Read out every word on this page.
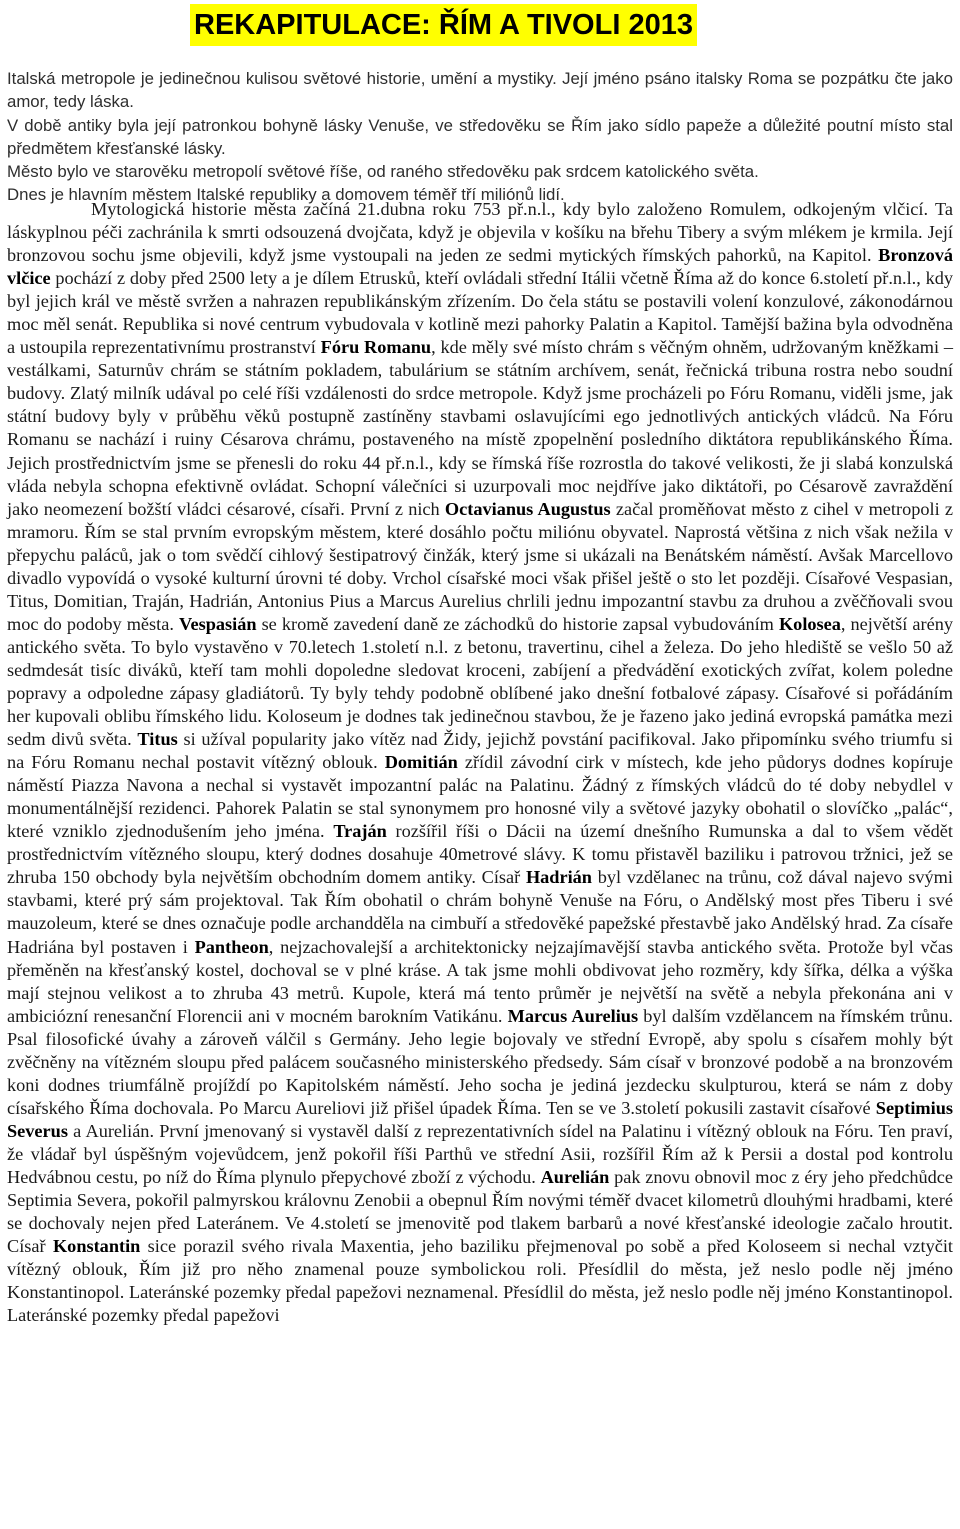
REKAPITULACE: ŘÍM A TIVOLI 2013
Italská metropole je jedinečnou kulisou světové historie, umění a mystiky. Její jméno psáno italsky Roma se pozpátku čte jako amor, tedy láska.
V době antiky byla její patronkou bohyně lásky Venuše, ve středověku se Řím jako sídlo papeže a důležité poutní místo stal předmětem křesťanské lásky.
Město bylo ve starověku metropolí světové říše, od raného středověku pak srdcem katolického světa.
Dnes je hlavním městem Italské republiky a domovem téměř tří miliónů lidí.

Mytologická historie města začíná 21.dubna roku 753 př.n.l., kdy bylo založeno Romulem, odkojeným vlčicí. Ta láskyplnou péči zachránila k smrti odsouzená dvojčata, když je objevila v košíku na břehu Tibery a svým mlékem je krmila. Její bronzovou sochu jsme objevili, když jsme vystoupali na jeden ze sedmi mytických římských pahorků, na Kapitol. Bronzová vlčice pochází z doby před 2500 lety a je dílem Etrusků, kteří ovládali střední Itálii včetně Říma až do konce 6.století př.n.l., kdy byl jejich král ve městě svržen a nahrazen republikánským zřízením. Do čela státu se postavili volení konzulové, zákonodárnou moc měl senát. Republika si nové centrum vybudovala v kotlině mezi pahorky Palatin a Kapitol. Tamější bažina byla odvodněna a ustoupila reprezentativnímu prostranství Fóru Romanu, kde měly své místo chrám s věčným ohněm, udržovaným kněžkami – vestálkami, Saturnův chrám se státním pokladem, tabulárium se státním archívem, senát, řečnická tribuna rostra nebo soudní budovy. Zlatý milník udával po celé říši vzdálenosti do srdce metropole. Když jsme procházeli po Fóru Romanu, viděli jsme, jak státní budovy byly v průběhu věků postupně zastíněny stavbami oslavujícími ego jednotlivých antických vládců. Na Fóru Romanu se nachází i ruiny Césarova chrámu, postaveného na místě zpopelnění posledního diktátora republikánského Říma. Jejich prostřednictvím jsme se přenesli do roku 44 př.n.l., kdy se římská říše rozrostla do takové velikosti, že ji slabá konzulská vláda nebyla schopna efektivně ovládat. Schopní válečníci si uzurpovali moc nejdříve jako diktátoři, po Césarově zavraždění jako neomezení božští vládci césarové, císaři. První z nich Octavianus Augustus začal proměňovat město z cihel v metropoli z mramoru. Řím se stal prvním evropským městem, které dosáhlo počtu miliónu obyvatel. Naprostá většina z nich však nežila v přepychu paláců, jak o tom svědčí cihlový šestipatrový činžák, který jsme si ukázali na Benátském náměstí. Avšak Marcellovo divadlo vypovídá o vysoké kulturní úrovni té doby. Vrchol císařské moci však přišel ještě o sto let později. Císařové Vespasian, Titus, Domitian, Traján, Hadrián, Antonius Pius a Marcus Aurelius chrlili jednu impozantní stavbu za druhou a zvěčňovali svou moc do podoby města. Vespasián se kromě zavedení daně ze záchodků do historie zapsal vybudováním Kolosea, největší arény antického světa. To bylo vystavěno v 70.letech 1.století n.l. z betonu, travertinu, cihel a železa. Do jeho hlediště se vešlo 50 až sedmdesát tisíc diváků, kteří tam mohli dopoledne sledovat kroceni, zabíjení a předvádění exotických zvířat, kolem poledne popravy a odpoledne zápasy gladiátorů. Ty byly tehdy podobně oblíbené jako dnešní fotbalové zápasy. Císařové si pořádáním her kupovali oblibu římského lidu. Koloseum je dodnes tak jedinečnou stavbou, že je řazeno jako jediná evropská památka mezi sedm divů světa. Titus si užíval popularity jako vítěz nad Židy, jejichž povstání pacifikoval. Jako připomínku svého triumfu si na Fóru Romanu nechal postavit vítězný oblouk. Domitián zřídil závodní cirk v místech, kde jeho půdorys dodnes kopíruje náměstí Piazza Navona a nechal si vystavět impozantní palác na Palatinu. Žádný z římských vládců do té doby nebydlel v monumentálnější rezidenci. Pahorek Palatin se stal synonymem pro honosné vily a světové jazyky obohatil o slovíčko „palác“, které vzniklo zjednodušením jeho jména. Traján rozšířil říši o Dácii na území dnešního Rumunska a dal to všem vědět prostřednictvím vítězného sloupu, který dodnes dosahuje 40metrové slávy. K tomu přistavěl baziliku i patrovou tržnici, jež se zhruba 150 obchody byla největším obchodním domem antiky. Císař Hadrián byl vzdělanec na trůnu, což dával najevo svými stavbami, které prý sám projektoval. Tak Řím obohatil o chrám bohyně Venuše na Fóru, o Andělský most přes Tiberu i své mauzoleum, které se dnes označuje podle archandděla na cimbuří a středověké papežské přestavbě jako Andělský hrad. Za císaře Hadriána byl postaven i Pantheon, nejzachovalejší a architektonicky nejzajímavější stavba antického světa. Protože byl včas přeměněn na křesťanský kostel, dochoval se v plné kráse. A tak jsme mohli obdivovat jeho rozměry, kdy šířka, délka a výška mají stejnou velikost a to zhruba 43 metrů. Kupole, která má tento průměr je největší na světě a nebyla překonána ani v ambiciózní renesanční Florencii ani v mocném barokním Vatikánu. Marcus Aurelius byl dalším vzdělancem na římském trůnu. Psal filosofické úvahy a zároveň válčil s Germány. Jeho legie bojovaly ve střední Evropě, aby spolu s císařem mohly být zvěčněny na vítězném sloupu před palácem současného ministerského předsedy. Sám císař v bronzové podobě a na bronzovém koni dodnes triumfálně projíždí po Kapitolském náměstí. Jeho socha je jediná jezdecku skulpturou, která se nám z doby císařského Říma dochovala. Po Marcu Aureliovi již přišel úpadek Říma. Ten se ve 3.století pokusili zastavit císařové Septimius Severus a Aurelián. První jmenovaný si vystavěl další z reprezentativních sídel na Palatinu i vítězný oblouk na Fóru. Ten praví, že vládař byl úspěšným vojevůdcem, jenž pokořil říši Parthů ve střední Asii, rozšířil Řím až k Persii a dostal pod kontrolu Hedvábnou cestu, po níž do Říma plynulo přepychové zboží z východu. Aurelián pak znovu obnovil moc z éry jeho předchůdce Septimia Severa, pokořil palmyrskou královnu Zenobii a obepnul Řím novými téměř dvacet kilometrů dlouhými hradbami, které se dochovaly nejen před Lateránem. Ve 4.století se jmenovitě pod tlakem barbarů a nové křesťanské ideologie začalo hroutit. Císař Konstantin sice porazil svého rivala Maxentia, jeho baziliku přejmenoval po sobě a před Koloseem si nechal vztyčit vítězný oblouk, Řím již pro něho znamenal pouze symbolickou roli. Přesídlil do města, jež neslo podle něj jméno Konstantinopol. Lateránské pozemky předal papežovi neznamenal. Přesídlil do města, jež neslo podle něj jméno Konstantinopol. Lateránské pozemky předal papežovi
